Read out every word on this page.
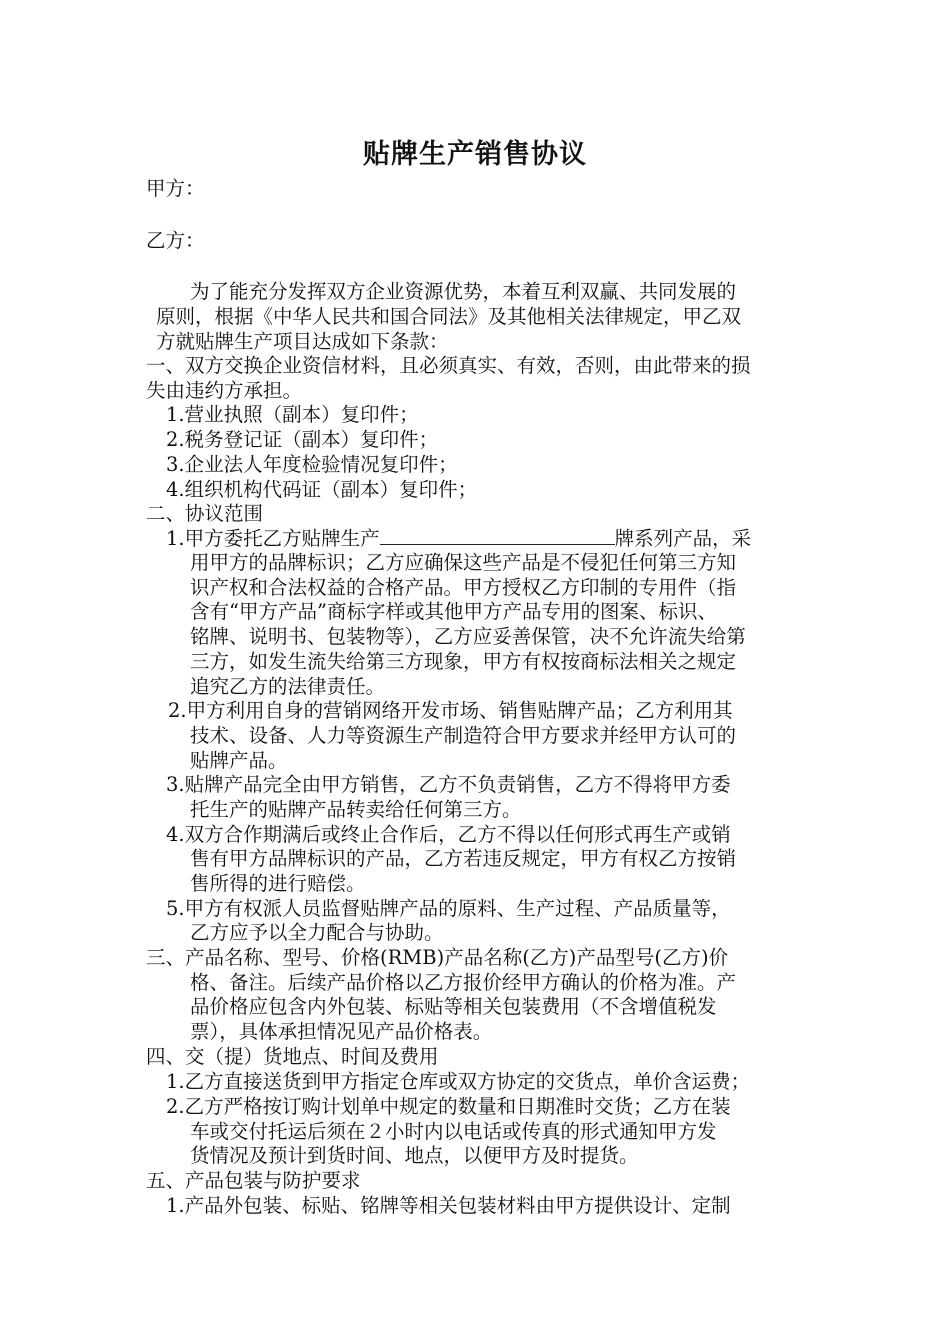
贴牌生产销售协议
甲方：
乙方：
为了能充分发挥双方企业资源优势，本着互利双赢、共同发展的
原则，根据《中华人民共和国合同法》及其他相关法律规定，甲乙双
方就贴牌生产项目达成如下条款：
一、双方交换企业资信材料，且必须真实、有效，否则，由此带来的损
失由违约方承担。
1.营业执照（副本）复印件；
2.税务登记证（副本）复印件；
3.企业法人年度检验情况复印件；
4.组织机构代码证（副本）复印件；
二、协议范围
1.甲方委托乙方贴牌生产	牌系列产品，采
用甲方的品牌标识；乙方应确保这些产品是不侵犯任何第三方知
识产权和合法权益的合格产品。甲方授权乙方印制的专用件（指
含有“甲方产品”商标字样或其他甲方产品专用的图案、标识、
铭牌、说明书、包装物等），乙方应妥善保管，决不允许流失给第
三方，如发生流失给第三方现象，甲方有权按商标法相关之规定
追究乙方的法律责任。
2.甲方利用自身的营销网络开发市场、销售贴牌产品；乙方利用其
技术、设备、人力等资源生产制造符合甲方要求并经甲方认可的
贴牌产品。
3.贴牌产品完全由甲方销售，乙方不负责销售，乙方不得将甲方委
托生产的贴牌产品转卖给任何第三方。
4.双方合作期满后或终止合作后，乙方不得以任何形式再生产或销
售有甲方品牌标识的产品，乙方若违反规定，甲方有权乙方按销
售所得的进行赔偿。
5.甲方有权派人员监督贴牌产品的原料、生产过程、产品质量等，
乙方应予以全力配合与协助。
三、产品名称、型号、价格(RMB)产品名称(乙方)产品型号(乙方)价
格、备注。后续产品价格以乙方报价经甲方确认的价格为准。产
品价格应包含内外包装、标贴等相关包装费用（不含增值税发
票），具体承担情况见产品价格表。
四、交（提）货地点、时间及费用
1.乙方直接送货到甲方指定仓库或双方协定的交货点，单价含运费；
2.乙方严格按订购计划单中规定的数量和日期准时交货；乙方在装
车或交付托运后须在２小时内以电话或传真的形式通知甲方发
货情况及预计到货时间、地点，以便甲方及时提货。
五、产品包装与防护要求
1.产品外包装、标贴、铭牌等相关包装材料由甲方提供设计、定制
